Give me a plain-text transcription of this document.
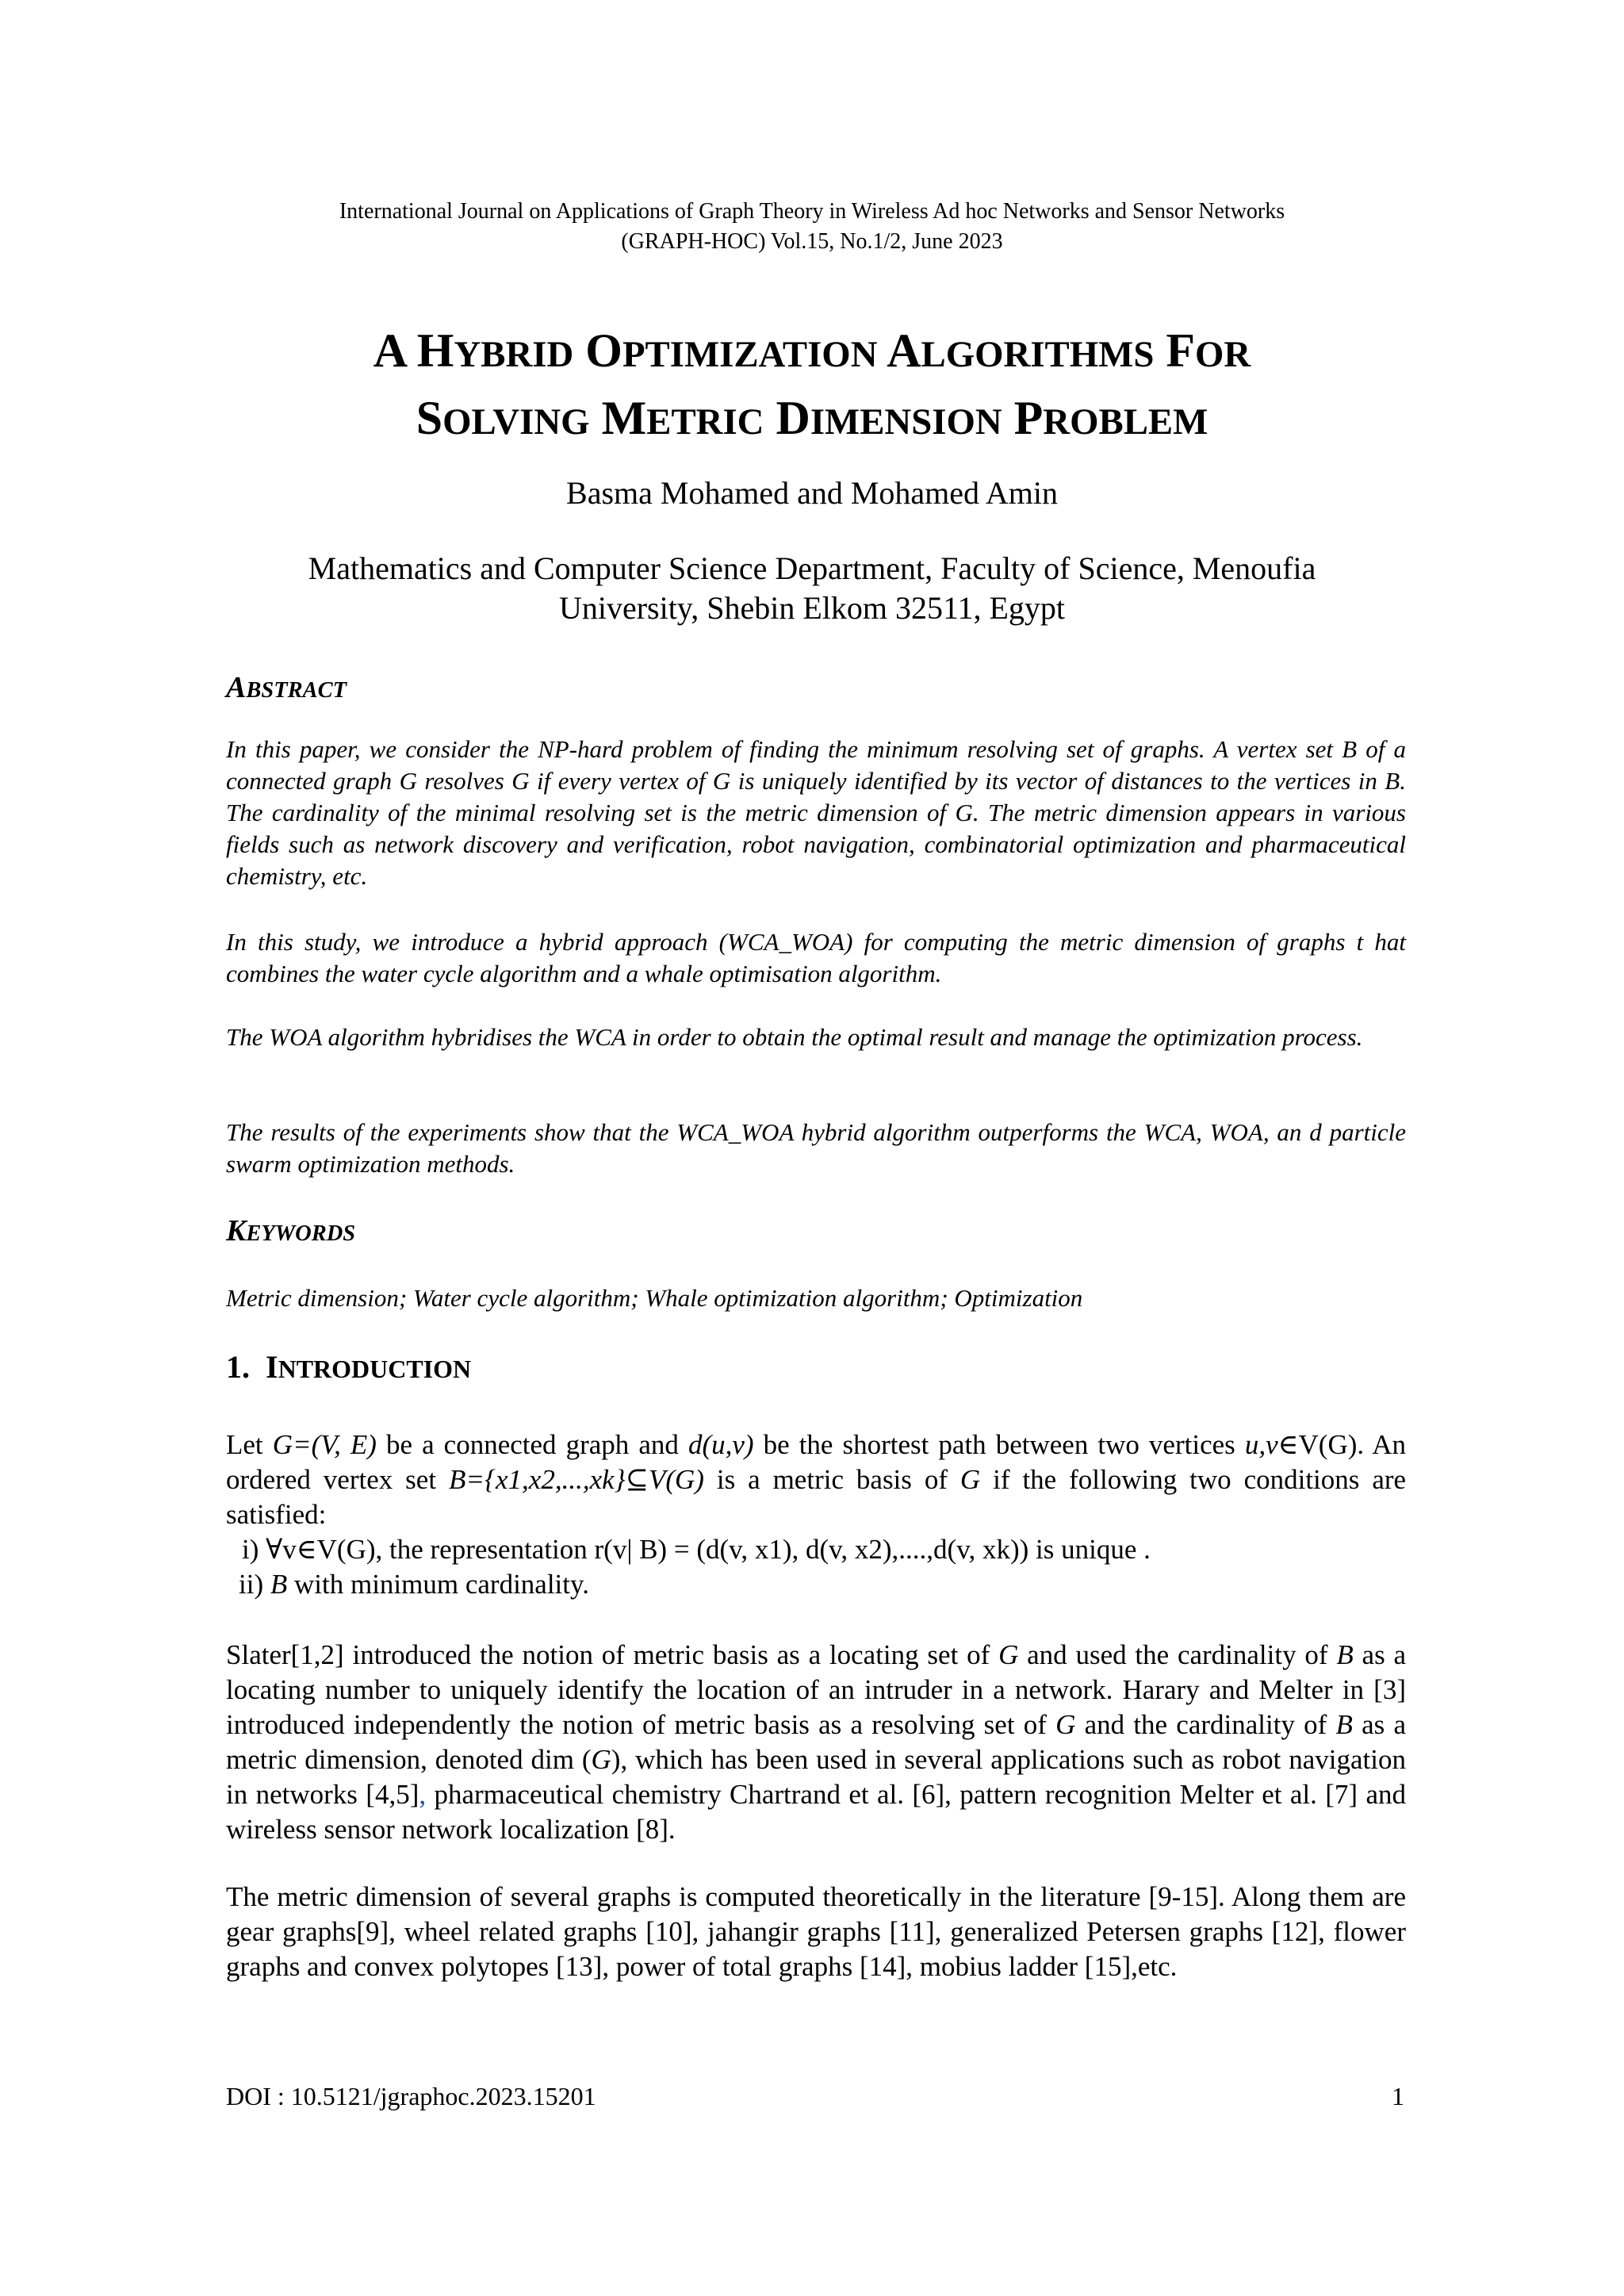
International Journal on Applications of Graph Theory in Wireless Ad hoc Networks and Sensor Networks
(GRAPH-HOC) Vol.15, No.1/2, June 2023
A HYBRID OPTIMIZATION ALGORITHMS FOR
SOLVING METRIC DIMENSION PROBLEM
Basma Mohamed and Mohamed Amin
Mathematics and Computer Science Department, Faculty of Science, Menoufia
University, Shebin Elkom 32511, Egypt
ABSTRACT

In this paper, we consider the NP-hard problem of finding the minimum resolving set of graphs. A vertex set B of a connected graph G resolves G if every vertex of G is uniquely identified by its vector of distances to the vertices in B. The cardinality of the minimal resolving set is the metric dimension of G. The metric dimension appears in various fields such as network discovery and verification, robot navigation, combinatorial optimization and pharmaceutical chemistry, etc.

In this study, we introduce a hybrid approach (WCA_WOA) for computing the metric dimension of graphs t hat combines the water cycle algorithm and a whale optimisation algorithm.

The WOA algorithm hybridises the WCA in order to obtain the optimal result and manage the optimization process.

The results of the experiments show that the WCA_WOA hybrid algorithm outperforms the WCA, WOA, an d particle swarm optimization methods.

KEYWORDS

Metric dimension; Water cycle algorithm; Whale optimization algorithm; Optimization

1. INTRODUCTION

Let G=(V, E) be a connected graph and d(u,v) be the shortest path between two vertices u,v∈V(G). An ordered vertex set B={x1,x2,...,xk}⊆V(G) is a metric basis of G if the following two conditions are satisfied:
i) ∀v∈V(G), the representation r(v| B) = (d(v, x1), d(v, x2),....,d(v, xk)) is unique .
ii) B with minimum cardinality.

Slater[1,2] introduced the notion of metric basis as a locating set of G and used the cardinality of B as a locating number to uniquely identify the location of an intruder in a network. Harary and Melter in [3] introduced independently the notion of metric basis as a resolving set of G and the cardinality of B as a metric dimension, denoted dim (G), which has been used in several applications such as robot navigation in networks [4,5], pharmaceutical chemistry Chartrand et al. [6], pattern recognition Melter et al. [7] and wireless sensor network localization [8].

The metric dimension of several graphs is computed theoretically in the literature [9-15]. Along them are gear graphs[9], wheel related graphs [10], jahangir graphs [11], generalized Petersen graphs [12], flower graphs and convex polytopes [13], power of total graphs [14], mobius ladder [15],etc.

DOI : 10.5121/jgraphoc.2023.15201	1
